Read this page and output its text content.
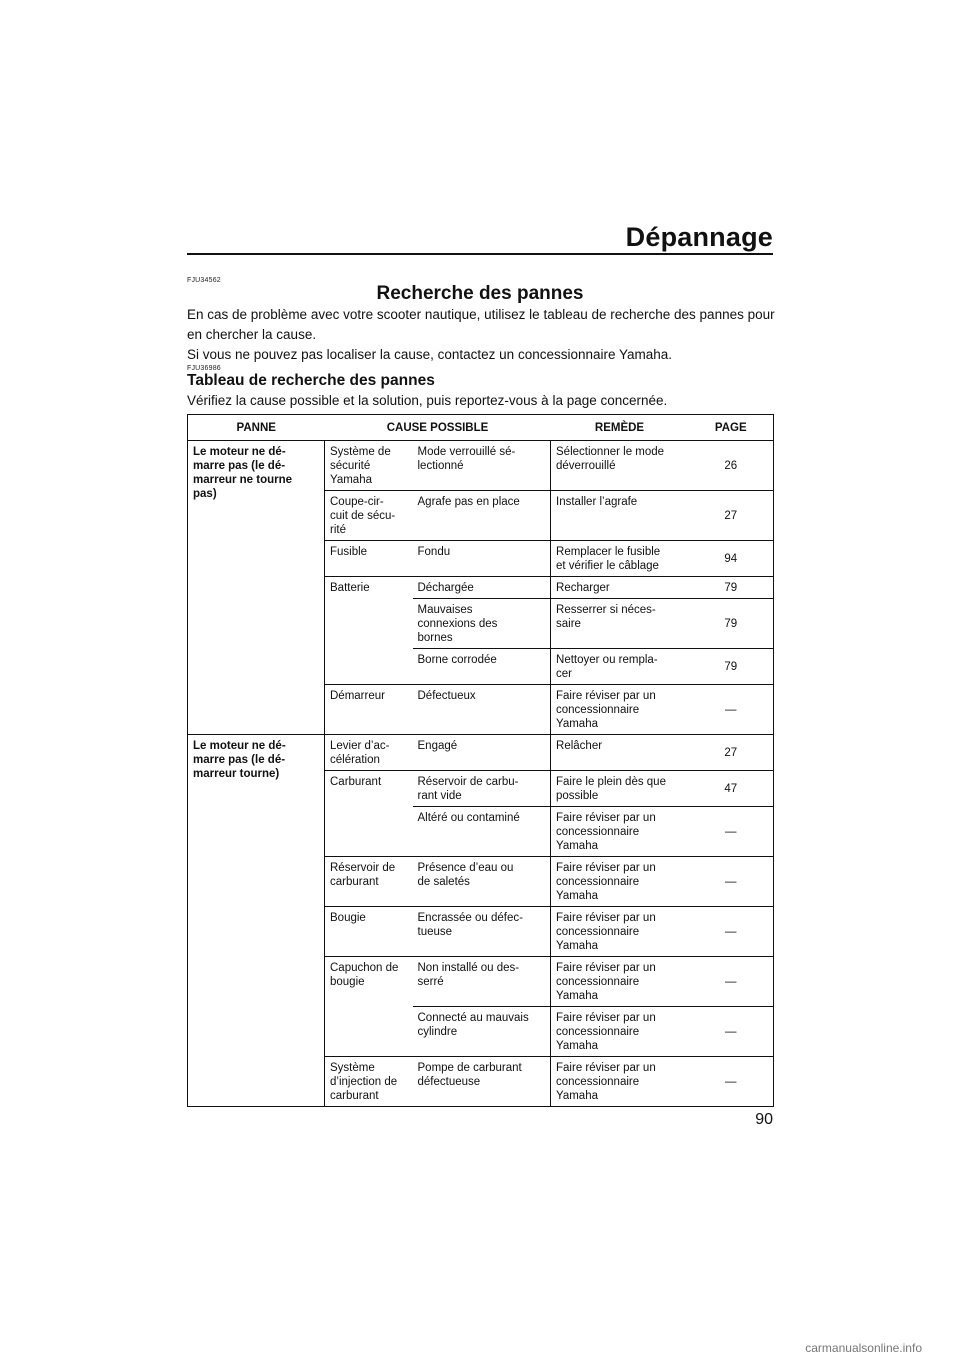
Dépannage
FJU34562
Recherche des pannes

En cas de problème avec votre scooter nautique, utilisez le tableau de recherche des pannes pour en chercher la cause.

Si vous ne pouvez pas localiser la cause, contactez un concessionnaire Yamaha.

FJU36986
Tableau de recherche des pannes
Vérifiez la cause possible et la solution, puis reportez-vous à la page concernée.
PANNE	CAUSE POSSIBLE		REMÈDE	PAGE
Le moteur ne dé-
marre pas (le dé-
marreur ne tourne
pas)	Système de
sécurité
Yamaha	Mode verrouillé sé-
lectionné	Sélectionner le mode
déverrouillé	26
	Coupe-cir-
cuit de sécu-
rité	Agrafe pas en place	Installer l’agrafe	27
	Fusible	Fondu	Remplacer le fusible
et vérifier le câblage	94
	Batterie	Déchargée	Recharger	79
		Mauvaises
connexions des
bornes	Resserrer si néces-
saire	79
		Borne corrodée	Nettoyer ou rempla-
cer	79
	Démarreur	Défectueux	Faire réviser par un
concessionnaire
Yamaha	—
Le moteur ne dé-
marre pas (le dé-
marreur tourne)	Levier d’ac-
célération	Engagé	Relâcher	27
	Carburant	Réservoir de carbu-
rant vide	Faire le plein dès que
possible	47
		Altéré ou contaminé	Faire réviser par un
concessionnaire
Yamaha	—
	Réservoir de
carburant	Présence d’eau ou
de saletés	Faire réviser par un
concessionnaire
Yamaha	—
	Bougie	Encrassée ou défec-
tueuse	Faire réviser par un
concessionnaire
Yamaha	—
	Capuchon de
bougie	Non installé ou des-
serré	Faire réviser par un
concessionnaire
Yamaha	—
		Connecté au mauvais
cylindre	Faire réviser par un
concessionnaire
Yamaha	—
	Système
d’injection de
carburant	Pompe de carburant
défectueuse	Faire réviser par un
concessionnaire
Yamaha	—
90
carmanualsonline.info
